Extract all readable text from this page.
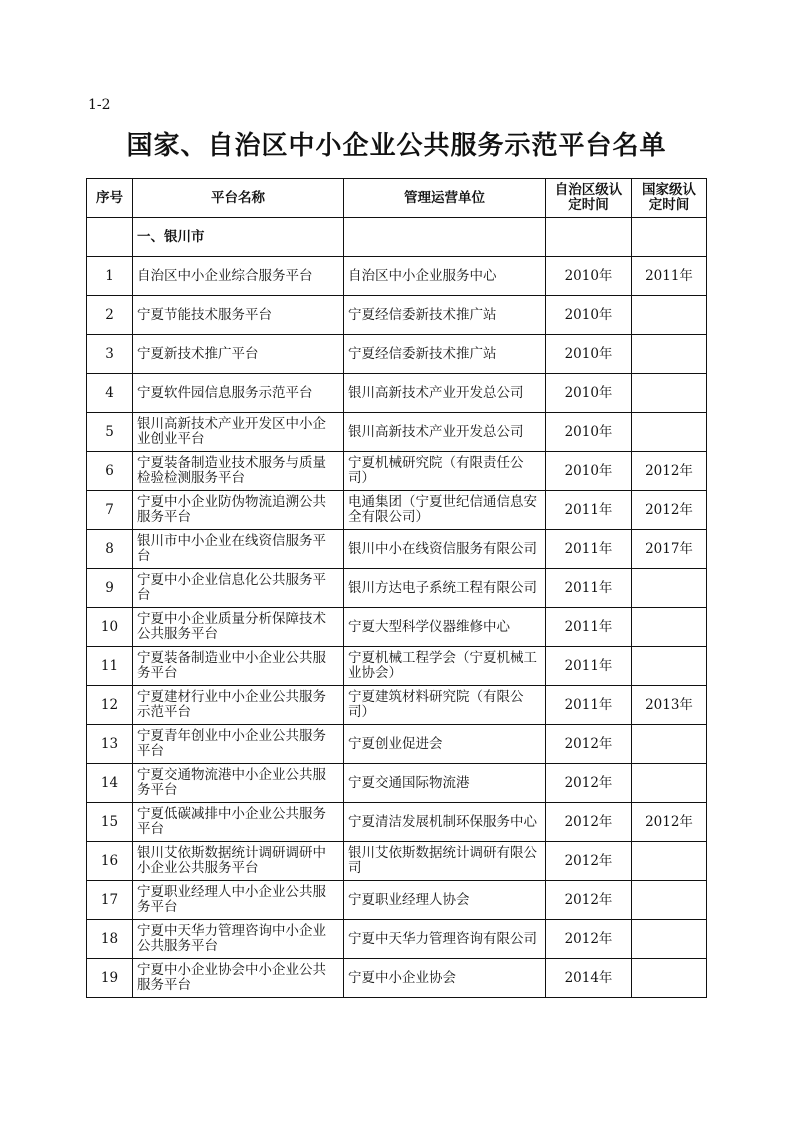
1-2
国家、自治区中小企业公共服务示范平台名单
序号	平台名称	管理运营单位	自治区级认定时间	国家级认定时间
	一、银川市			
1	自治区中小企业综合服务平台	自治区中小企业服务中心	2010年	2011年
2	宁夏节能技术服务平台	宁夏经信委新技术推广站	2010年	
3	宁夏新技术推广平台	宁夏经信委新技术推广站	2010年	
4	宁夏软件园信息服务示范平台	银川高新技术产业开发总公司	2010年	
5	银川高新技术产业开发区中小企业创业平台	银川高新技术产业开发总公司	2010年	
6	宁夏装备制造业技术服务与质量检验检测服务平台	宁夏机械研究院（有限责任公司）	2010年	2012年
7	宁夏中小企业防伪物流追溯公共服务平台	电通集团（宁夏世纪信通信息安全有限公司）	2011年	2012年
8	银川市中小企业在线资信服务平台	银川中小在线资信服务有限公司	2011年	2017年
9	宁夏中小企业信息化公共服务平台	银川方达电子系统工程有限公司	2011年	
10	宁夏中小企业质量分析保障技术公共服务平台	宁夏大型科学仪器维修中心	2011年	
11	宁夏装备制造业中小企业公共服务平台	宁夏机械工程学会（宁夏机械工业协会）	2011年	
12	宁夏建材行业中小企业公共服务示范平台	宁夏建筑材料研究院（有限公司）	2011年	2013年
13	宁夏青年创业中小企业公共服务平台	宁夏创业促进会	2012年	
14	宁夏交通物流港中小企业公共服务平台	宁夏交通国际物流港	2012年	
15	宁夏低碳减排中小企业公共服务平台	宁夏清洁发展机制环保服务中心	2012年	2012年
16	银川艾依斯数据统计调研调研中小企业公共服务平台	银川艾依斯数据统计调研有限公司	2012年	
17	宁夏职业经理人中小企业公共服务平台	宁夏职业经理人协会	2012年	
18	宁夏中天华力管理咨询中小企业公共服务平台	宁夏中天华力管理咨询有限公司	2012年	
19	宁夏中小企业协会中小企业公共服务平台	宁夏中小企业协会	2014年	
